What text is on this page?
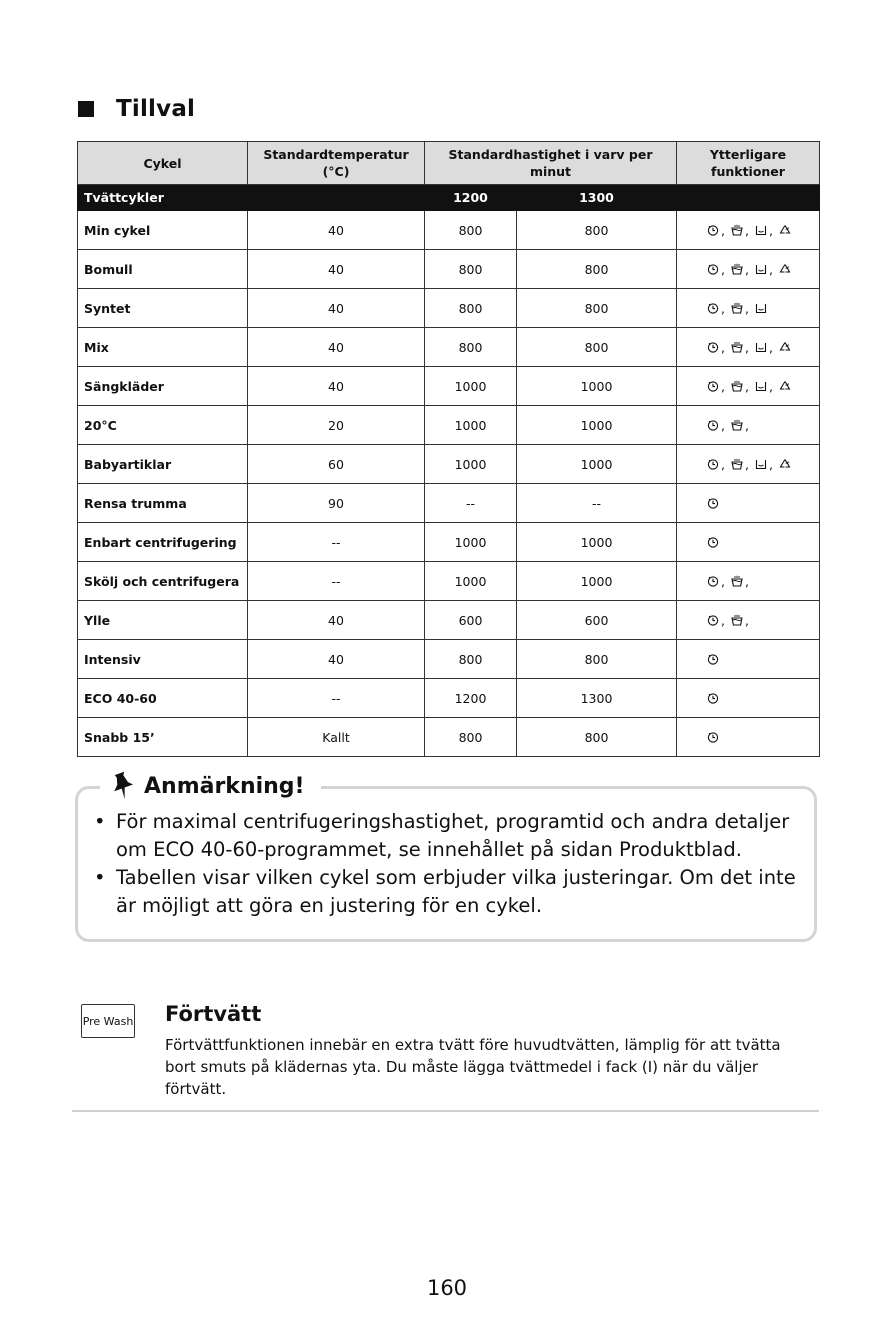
Tillval
Cykel	Standardtemperatur (°C)	Standardhastighet i varv per minut		Ytterligare funktioner
Tvättcykler		1200	1300	
Min cykel	40	800	800	, , ,

Bomull	40	800	800	, , ,

Syntet	40	800	800	, ,

Mix	40	800	800	, , ,

Sängkläder	40	1000	1000	, , ,

20°C	20	1000	1000	, ,

Babyartiklar	60	1000	1000	, , ,

Rensa trumma	90	--	--	

Enbart centrifugering	--	1000	1000	

Skölj och centrifugera	--	1000	1000	, ,

Ylle	40	600	600	, ,

Intensiv	40	800	800	

ECO 40-60	--	1200	1300	

Snabb 15’	Kallt	800	800	
Anmärkning!
• För maximal centrifugeringshastighet, programtid och andra detaljer om ECO 40-60-programmet, se innehållet på sidan Produktblad.
• Tabellen visar vilken cykel som erbjuder vilka justeringar. Om det inte är möjligt att göra en justering för en cykel.
Pre Wash Förtvätt
Förtvättfunktionen innebär en extra tvätt före huvudtvätten, lämplig för att tvätta bort smuts på klädernas yta. Du måste lägga tvättmedel i fack (I) när du väljer förtvätt.
160
